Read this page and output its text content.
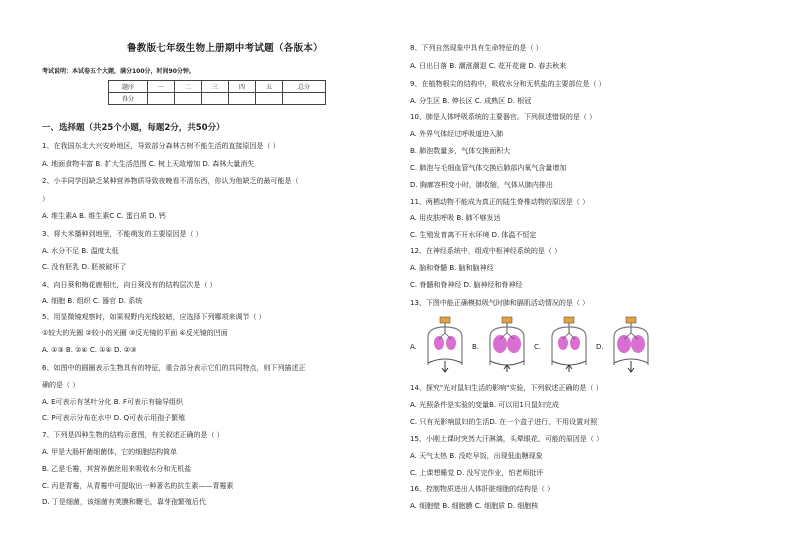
鲁教版七年级生物上册期中考试题（各版本）
考试说明：本试卷五个大题，满分100分，时间90分钟。
题序	一	二	三	四	五	总分
得分						
一、选择题（共25个小题，每题2分，共50分）
1、在我国东北大兴安岭地区，导致部分森林古树不能生活的直接原因是（ ）
A. 地面食物丰富 B. 扩大生活范围 C. 树上天敌增加 D. 森林大量消失
2、小丰同学因缺乏某种营养物质导致夜晚看不清东西，你认为他缺乏的最可能是（
）
A. 维生素A B. 维生素C C. 蛋白质 D. 钙
3、将大米播种到地里，不能萌发的主要原因是（ ）
A. 水分不足 B. 温度太低
C. 没有胚乳 D. 胚被破坏了
4、向日葵和梅花鹿相比，向日葵没有的结构层次是（ ）
A. 细胞 B. 组织 C. 器官 D. 系统
5、用显微镜观察时，如果视野内光线较暗，应选择下列哪项来调节（ ）
①较大的光圈 ②较小的光圈 ③反光镜的平面 ④反光镜的凹面
A. ①③ B. ②④ C. ①④ D. ②③
6、如图中的圆圈表示生物具有的特征，重合部分表示它们的共同特点，则下列描述正
确的是（ ）
A. E可表示有茎叶分化 B. F可表示有输导组织
C. P可表示分布在水中 D. Q可表示用孢子繁殖
7、下列是四种生物的结构示意图，有关叙述正确的是（ ）
A. 甲是大肠杆菌细菌体，它的细胞结构简单
B. 乙是毛霉，其营养菌丝用来吸收水分和无机盐
C. 丙是青霉，从青霉中可提取出一种著名的抗生素——青霉素
D. 丁是细菌，该细菌有荚膜和鞭毛，靠芽孢繁殖后代
8、下列自然现象中具有生命特征的是（ ）
A. 日出日落 B. 潮涨潮退 C. 花开花谢 D. 春去秋来
9、在植物根尖的结构中，吸收水分和无机盐的主要部位是（ ）
A. 分生区 B. 伸长区 C. 成熟区 D. 根冠
10、肺是人体呼吸系统的主要器官。下列叙述错误的是（ ）
A. 外界气体经过呼吸道进入肺
B. 肺泡数量多，气体交换面积大
C. 肺泡与毛细血管气体交换后肺部内氧气含量增加
D. 胸廓容积变小时，肺收缩，气体从肺内排出
11、两栖动物不能成为真正的陆生脊椎动物的原因是（ ）
A. 用皮肤呼吸 B. 肺不够发达
C. 生殖发育离不开水环境 D. 体温不恒定
12、在神经系统中，组成中枢神经系统的是（ ）
A. 脑和脊髓 B. 脑和脑神经
C. 脊髓和脊神经 D. 脑神经和脊神经
13、下图中能正确模拟吸气时肺和膈肌活动情况的是（ ）
14、探究"光对鼠妇生活的影响"实验，下列叙述正确的是（ ）
A. 光照条件是实验的变量B. 可以用1只鼠妇完成
C. 只有光影响鼠妇的生活D. 在一个盒子进行，不用设置对照
15、小刚上课时突然大汗淋漓，头晕眼花，可能的原因是（ ）
A. 天气太热 B. 没吃早饭，出现低血糖现象
C. 上课想睡觉 D. 没写完作业，怕老师批评
16、控制物质进出人体肝脏细胞的结构是（ ）
A. 细胞壁 B. 细胞膜 C. 细胞质 D. 细胞核
A.	B.	C.	D.
